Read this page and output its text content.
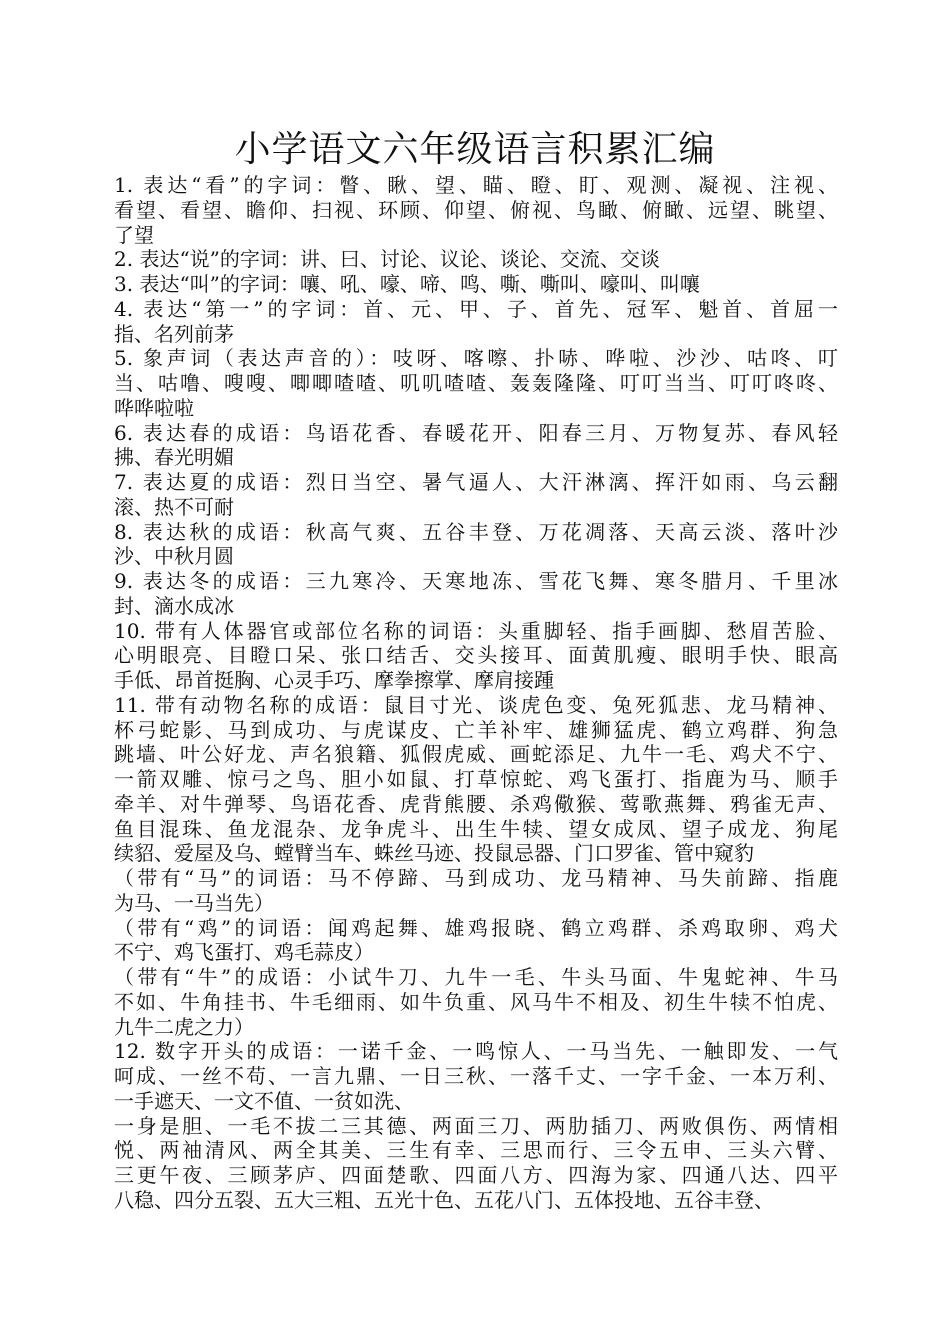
小学语文六年级语言积累汇编
1. 表达“看”的字词：瞥、瞅、望、瞄、瞪、盯、观测、凝视、注视、
看望、看望、瞻仰、扫视、环顾、仰望、俯视、鸟瞰、俯瞰、远望、眺望、
了望
2. 表达“说”的字词：讲、曰、讨论、议论、谈论、交流、交谈
3. 表达“叫”的字词：嚷、吼、嚎、啼、鸣、嘶、嘶叫、嚎叫、叫嚷
4. 表达“第一”的字词：首、元、甲、子、首先、冠军、魁首、首屈一
指、名列前茅
5. 象声词（表达声音的）：吱呀、喀嚓、扑哧、哗啦、沙沙、咕咚、叮
当、咕噜、嗖嗖、唧唧喳喳、叽叽喳喳、轰轰隆隆、叮叮当当、叮叮咚咚、
哗哗啦啦
6. 表达春的成语：鸟语花香、春暖花开、阳春三月、万物复苏、春风轻
拂、春光明媚
7. 表达夏的成语：烈日当空、暑气逼人、大汗淋漓、挥汗如雨、乌云翻
滚、热不可耐
8. 表达秋的成语：秋高气爽、五谷丰登、万花凋落、天高云淡、落叶沙
沙、中秋月圆
9. 表达冬的成语：三九寒冷、天寒地冻、雪花飞舞、寒冬腊月、千里冰
封、滴水成冰
10. 带有人体器官或部位名称的词语：头重脚轻、指手画脚、愁眉苦脸、
心明眼亮、目瞪口呆、张口结舌、交头接耳、面黄肌瘦、眼明手快、眼高
手低、昂首挺胸、心灵手巧、摩拳擦掌、摩肩接踵
11. 带有动物名称的成语：鼠目寸光、谈虎色变、兔死狐悲、龙马精神、
杯弓蛇影、马到成功、与虎谋皮、亡羊补牢、雄狮猛虎、鹤立鸡群、狗急
跳墙、叶公好龙、声名狼籍、狐假虎威、画蛇添足、九牛一毛、鸡犬不宁、
一箭双雕、惊弓之鸟、胆小如鼠、打草惊蛇、鸡飞蛋打、指鹿为马、顺手
牵羊、对牛弹琴、鸟语花香、虎背熊腰、杀鸡儆猴、莺歌燕舞、鸦雀无声、
鱼目混珠、鱼龙混杂、龙争虎斗、出生牛犊、望女成凤、望子成龙、狗尾
续貂、爱屋及乌、螳臂当车、蛛丝马迹、投鼠忌器、门口罗雀、管中窥豹
（带有“马”的词语：马不停蹄、马到成功、龙马精神、马失前蹄、指鹿
为马、一马当先）
（带有“鸡”的词语：闻鸡起舞、雄鸡报晓、鹤立鸡群、杀鸡取卵、鸡犬
不宁、鸡飞蛋打、鸡毛蒜皮）
（带有“牛”的成语：小试牛刀、九牛一毛、牛头马面、牛鬼蛇神、牛马
不如、牛角挂书、牛毛细雨、如牛负重、风马牛不相及、初生牛犊不怕虎、
九牛二虎之力）
12. 数字开头的成语：一诺千金、一鸣惊人、一马当先、一触即发、一气
呵成、一丝不苟、一言九鼎、一日三秋、一落千丈、一字千金、一本万利、
一手遮天、一文不值、一贫如洗、
一身是胆、一毛不拔二三其德、两面三刀、两肋插刀、两败俱伤、两情相
悦、两袖清风、两全其美、三生有幸、三思而行、三令五申、三头六臂、
三更午夜、三顾茅庐、四面楚歌、四面八方、四海为家、四通八达、四平
八稳、四分五裂、五大三粗、五光十色、五花八门、五体投地、五谷丰登、
